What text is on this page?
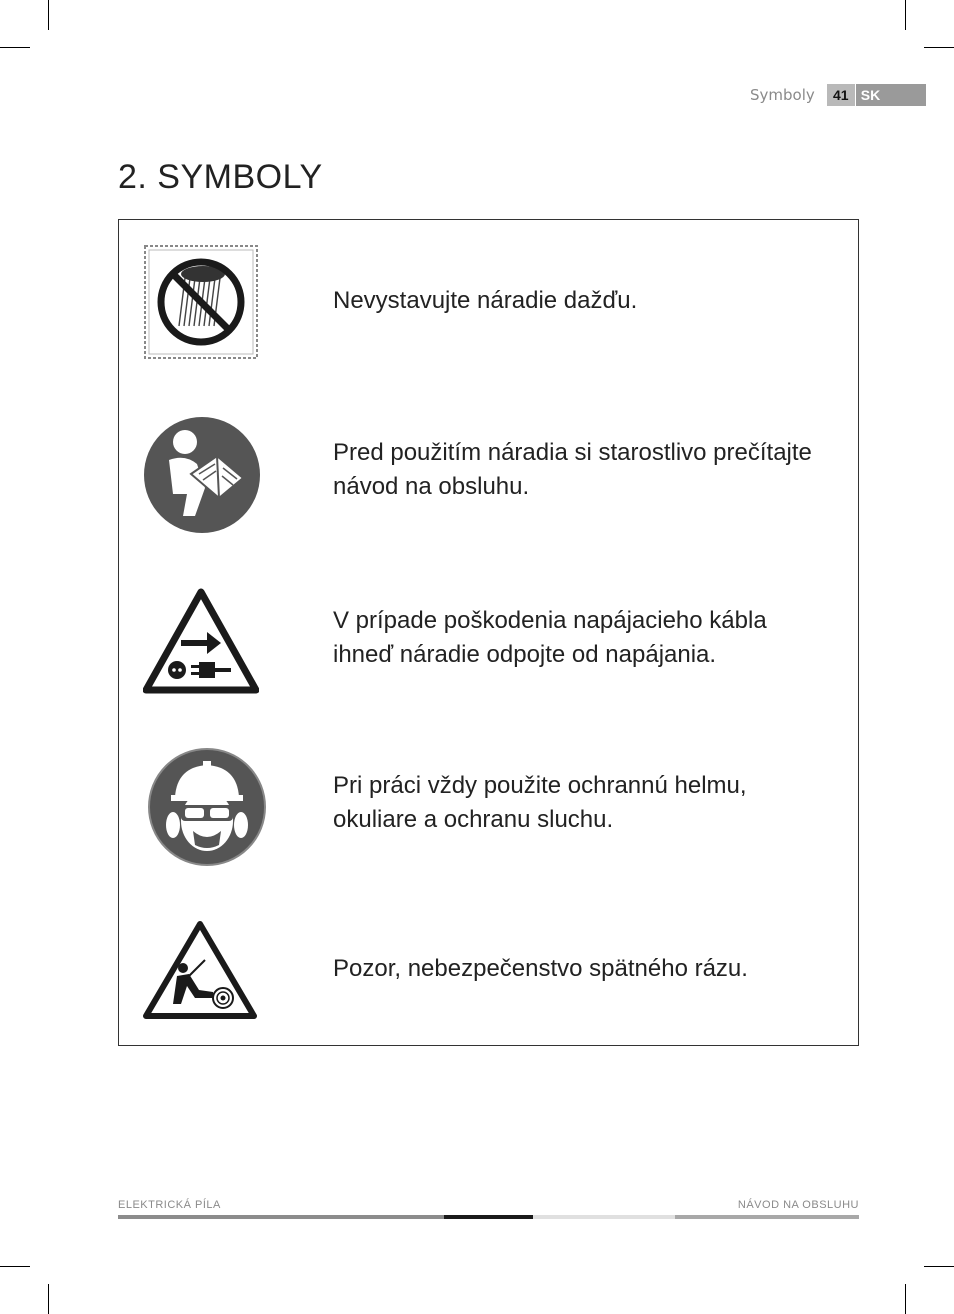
Symboly	41 SK
2. SYMBOLY
Nevystavujte náradie dažďu.
Pred použitím náradia si starostlivo prečítajte návod na obsluhu.
V prípade poškodenia napájacieho kábla ihneď náradie odpojte od napájania.
Pri práci vždy použite ochrannú helmu, okuliare a ochranu sluchu.
Pozor, nebezpečenstvo spätného rázu.
ELEKTRICKÁ PÍLA	NÁVOD NA OBSLUHU
